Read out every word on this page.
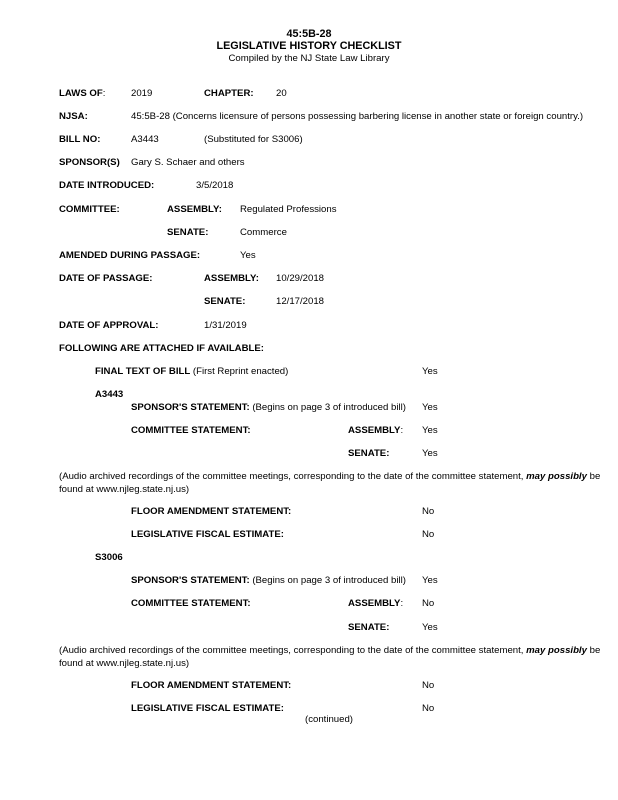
45:5B-28
LEGISLATIVE HISTORY CHECKLIST
Compiled by the NJ State Law Library
LAWS OF:	2019	CHAPTER: 20
NJSA:	45:5B-28 (Concerns licensure of persons possessing barbering license in another state or foreign country.)
BILL NO:	A3443	(Substituted for S3006)
SPONSOR(S) Gary S. Schaer and others
DATE INTRODUCED:	3/5/2018
COMMITTEE:	ASSEMBLY: Regulated Professions
SENATE:	Commerce
AMENDED DURING PASSAGE:	Yes
DATE OF PASSAGE:	ASSEMBLY: 10/29/2018
SENATE:	12/17/2018
DATE OF APPROVAL:	1/31/2019
FOLLOWING ARE ATTACHED IF AVAILABLE:
FINAL TEXT OF BILL (First Reprint enacted)	Yes
A3443
SPONSOR'S STATEMENT: (Begins on page 3 of introduced bill) Yes
COMMITTEE STATEMENT:	ASSEMBLY: Yes
SENATE:	Yes
(Audio archived recordings of the committee meetings, corresponding to the date of the committee statement, may possibly be found at www.njleg.state.nj.us)
FLOOR AMENDMENT STATEMENT:	No
LEGISLATIVE FISCAL ESTIMATE:	No
S3006
SPONSOR'S STATEMENT: (Begins on page 3 of introduced bill) Yes
COMMITTEE STATEMENT:	ASSEMBLY: No
SENATE:	Yes
(Audio archived recordings of the committee meetings, corresponding to the date of the committee statement, may possibly be found at www.njleg.state.nj.us)
FLOOR AMENDMENT STATEMENT:	No
LEGISLATIVE FISCAL ESTIMATE:	No
(continued)
